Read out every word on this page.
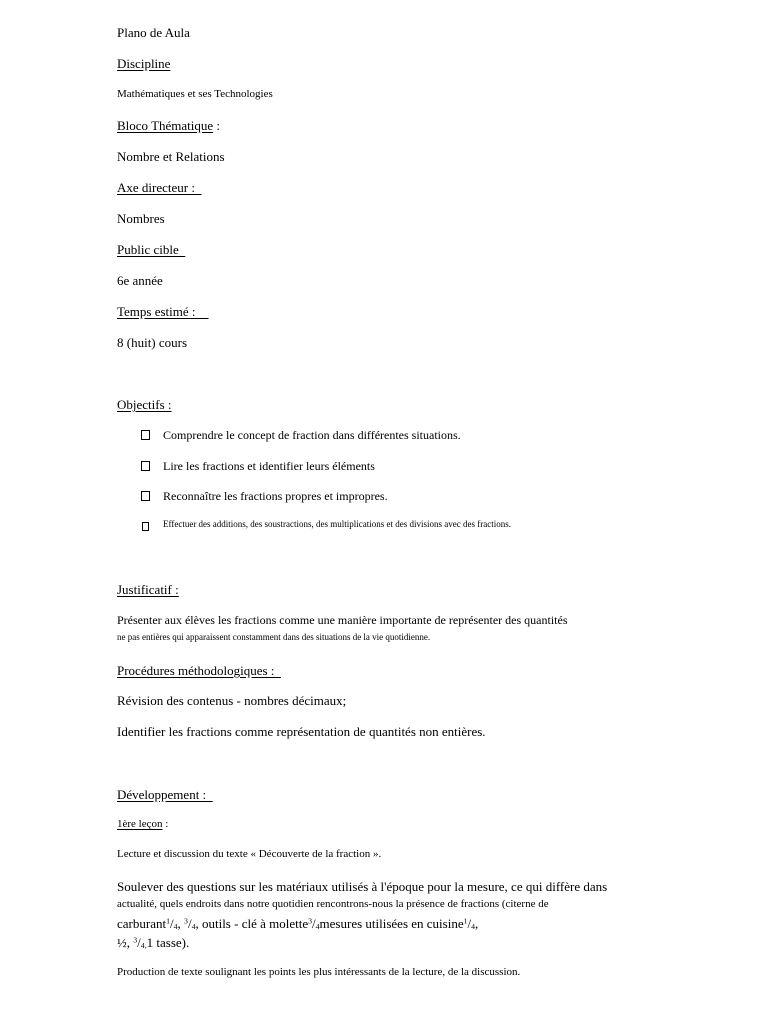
Plano de Aula
Discipline
Mathématiques et ses Technologies
Bloco Thématique :
Nombre et Relations
Axe directeur :
Nombres
Public cible
6e année
Temps estimé :
8 (huit) cours
Objectifs :
Comprendre le concept de fraction dans différentes situations.
Lire les fractions et identifier leurs éléments
Reconnaître les fractions propres et impropres.
Effectuer des additions, des soustractions, des multiplications et des divisions avec des fractions.
Justificatif :
Présenter aux élèves les fractions comme une manière importante de représenter des quantités
ne pas entières qui apparaissent constamment dans des situations de la vie quotidienne.
Procédures méthodologiques :
Révision des contenus - nombres décimaux;
Identifier les fractions comme représentation de quantités non entières.
Développement :
1ère leçon :
Lecture et discussion du texte « Découverte de la fraction ».
Soulever des questions sur les matériaux utilisés à l'époque pour la mesure, ce qui diffère dans
actualité, quels endroits dans notre quotidien rencontrons-nous la présence de fractions (citerne de
$carburant^1/_4$, $^3/_4$, outils - clé à $molette^3/_4mesures$ utilisées en $cuisine^1/_4$,
½, $^3/_{4,}1$ tasse).
Production de texte soulignant les points les plus intéressants de la lecture, de la discussion.
